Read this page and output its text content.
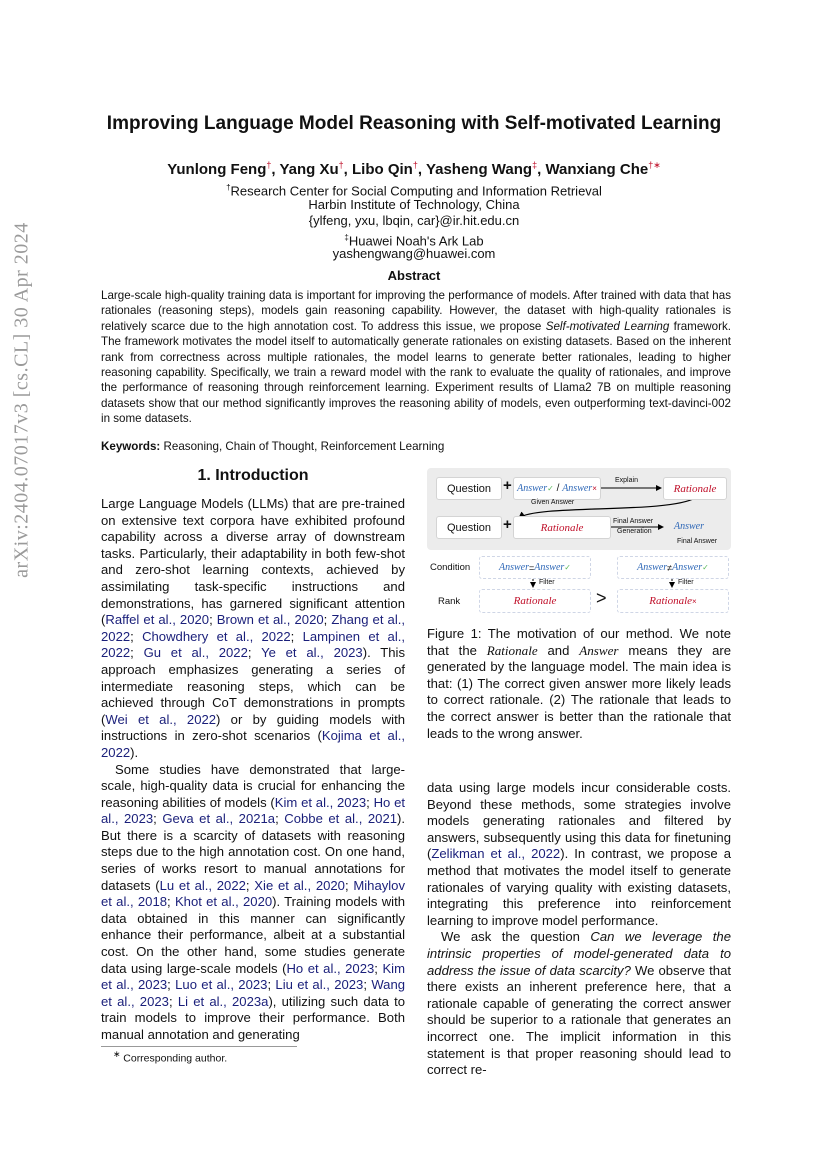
arXiv:2404.07017v3 [cs.CL] 30 Apr 2024
Improving Language Model Reasoning with Self-motivated Learning
Yunlong Feng†, Yang Xu†, Libo Qin†, Yasheng Wang‡, Wanxiang Che†∗
†Research Center for Social Computing and Information Retrieval
Harbin Institute of Technology, China
{ylfeng, yxu, lbqin, car}@ir.hit.edu.cn
‡Huawei Noah's Ark Lab
yashengwang@huawei.com
Abstract
Large-scale high-quality training data is important for improving the performance of models. After trained with data that has rationales (reasoning steps), models gain reasoning capability. However, the dataset with high-quality rationales is relatively scarce due to the high annotation cost. To address this issue, we propose Self-motivated Learning framework. The framework motivates the model itself to automatically generate rationales on existing datasets. Based on the inherent rank from correctness across multiple rationales, the model learns to generate better rationales, leading to higher reasoning capability. Specifically, we train a reward model with the rank to evaluate the quality of rationales, and improve the performance of reasoning through reinforcement learning. Experiment results of Llama2 7B on multiple reasoning datasets show that our method significantly improves the reasoning ability of models, even outperforming text-davinci-002 in some datasets.
Keywords: Reasoning, Chain of Thought, Reinforcement Learning
1. Introduction

Large Language Models (LLMs) that are pre-trained on extensive text corpora have exhibited profound capability across a diverse array of downstream tasks. Particularly, their adaptability in both few-shot and zero-shot learning contexts, achieved by assimilating task-specific instructions and demonstrations, has garnered significant attention (Raffel et al., 2020; Brown et al., 2020; Zhang et al., 2022; Chowdhery et al., 2022; Lampinen et al., 2022; Gu et al., 2022; Ye et al., 2023). This approach emphasizes generating a series of intermediate reasoning steps, which can be achieved through CoT demonstrations in prompts (Wei et al., 2022) or by guiding models with instructions in zero-shot scenarios (Kojima et al., 2022).

Some studies have demonstrated that large-scale, high-quality data is crucial for enhancing the reasoning abilities of models (Kim et al., 2023; Ho et al., 2023; Geva et al., 2021a; Cobbe et al., 2021). But there is a scarcity of datasets with reasoning steps due to the high annotation cost. On one hand, series of works resort to manual annotations for datasets (Lu et al., 2022; Xie et al., 2020; Mihaylov et al., 2018; Khot et al., 2020). Training models with data obtained in this manner can significantly enhance their performance, albeit at a substantial cost. On the other hand, some studies generate data using large-scale models (Ho et al., 2023; Kim et al., 2023; Luo et al., 2023; Liu et al., 2023; Wang et al., 2023; Li et al., 2023a), utilizing such data to train models to improve their performance. Both manual annotation and generating

Question + Answer ✓ / Answer ×
Explain
Given Answer
Rationale
Question +	Rationale	Final Answer
Generation Answer
Final Answer
Condition	Answer = Answer ✓	Answer ≠ Answer ✓
Filter	Filter
Rank	Rationale >	Rationale ×

Figure 1: The motivation of our method. We note that the Rationale and Answer means they are generated by the language model. The main idea is that: (1) The correct given answer more likely leads to correct rationale. (2) The rationale that leads to the correct answer is better than the rationale that leads to the wrong answer.

data using large models incur considerable costs. Beyond these methods, some strategies involve models generating rationales and filtered by answers, subsequently using this data for finetuning (Zelikman et al., 2022). In contrast, we propose a method that motivates the model itself to generate rationales of varying quality with existing datasets, integrating this preference into reinforcement learning to improve model performance.

We ask the question Can we leverage the intrinsic properties of model-generated data to address the issue of data scarcity? We observe that there exists an inherent preference here, that a rationale capable of generating the correct answer should be superior to a rationale that generates an incorrect one. The implicit information in this statement is that proper reasoning should lead to correct re-

∗ Corresponding author.
